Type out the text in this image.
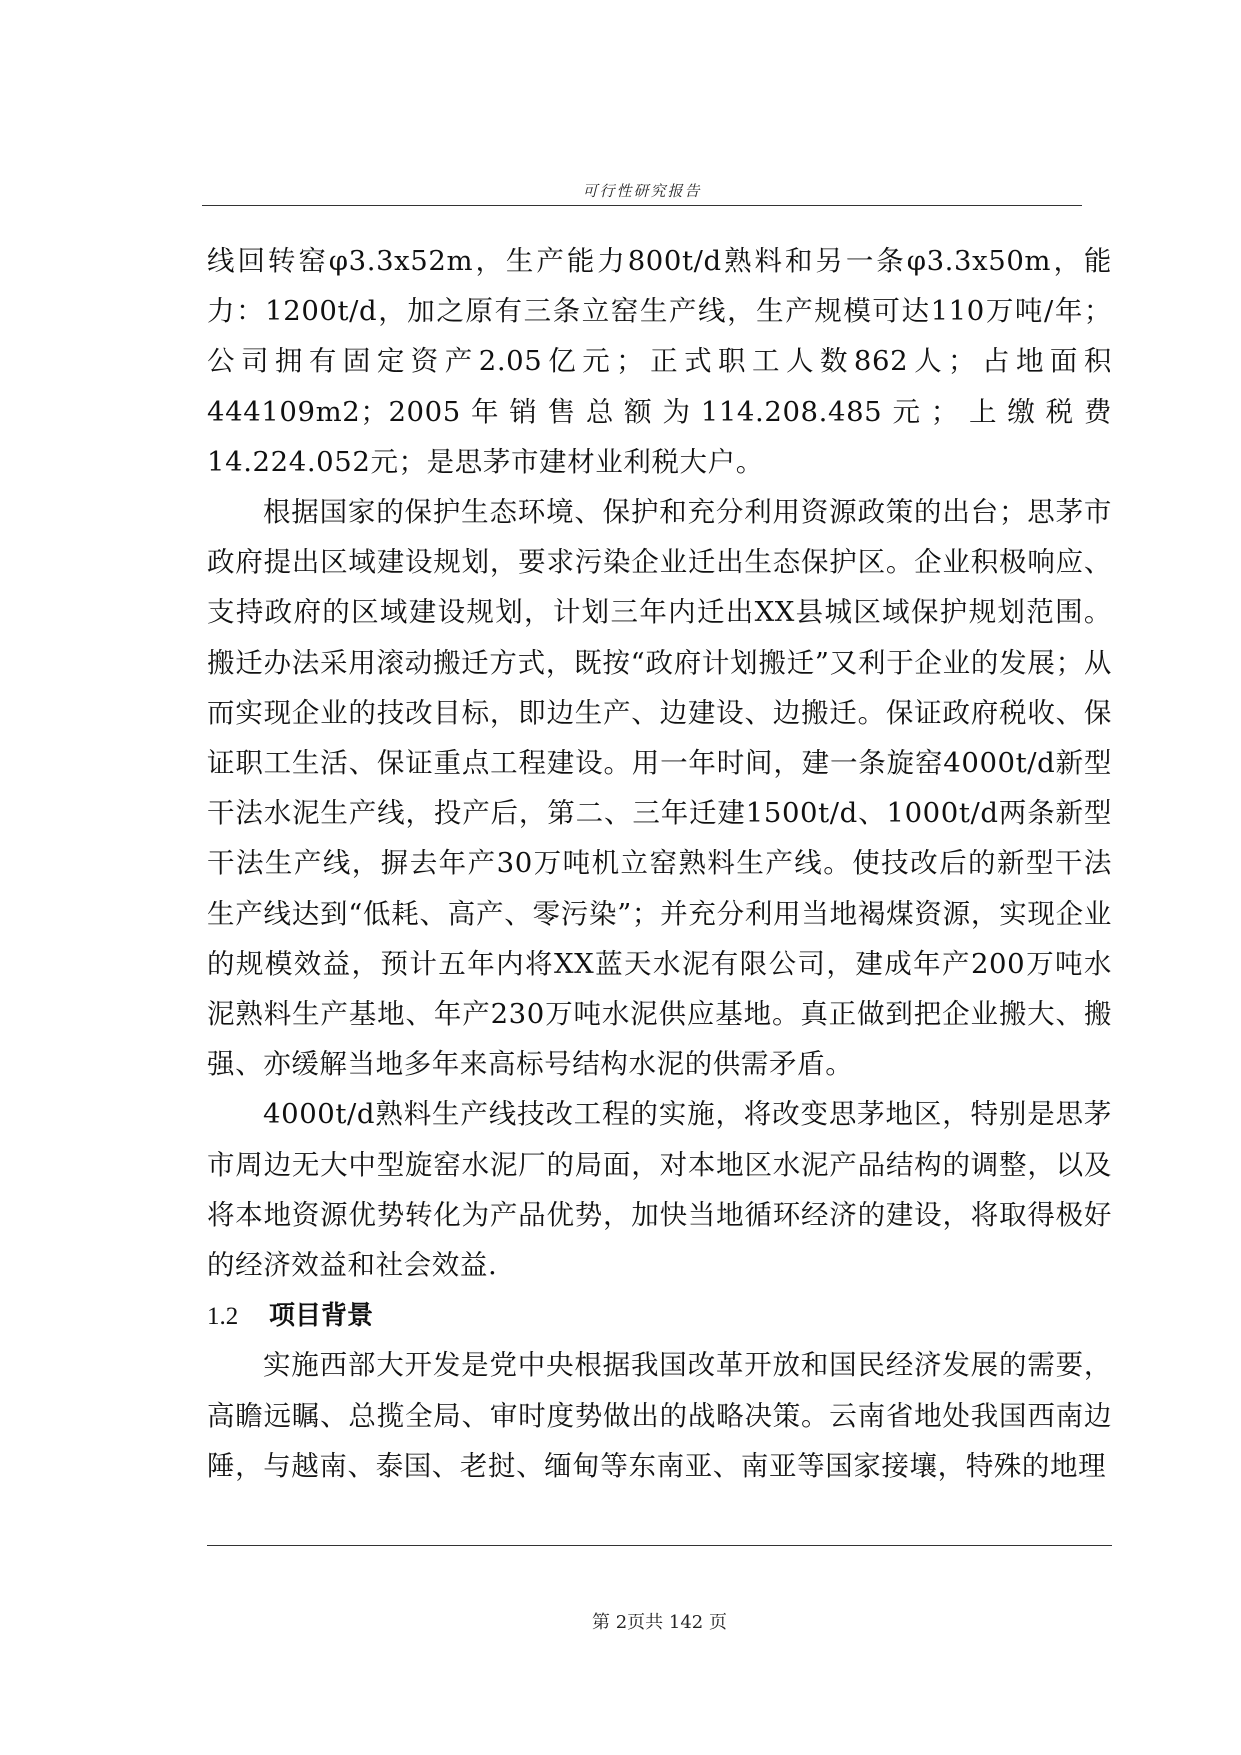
可行性研究报告

线回转窑φ3.3x52m，生产能力800t/d熟料和另一条φ3.3x50m，能力：1200t/d，加之原有三条立窑生产线，生产规模可达110万吨/年；公司拥有固定资产2.05亿元；正式职工人数862人；占地面积444109m2；2005年销售总额为114.208.485元；上缴税费14.224.052元；是思茅市建材业利税大户。

根据国家的保护生态环境、保护和充分利用资源政策的出台；思茅市政府提出区域建设规划，要求污染企业迁出生态保护区。企业积极响应、支持政府的区域建设规划，计划三年内迁出XX县城区域保护规划范围。搬迁办法采用滚动搬迁方式，既按“政府计划搬迁”又利于企业的发展；从而实现企业的技改目标，即边生产、边建设、边搬迁。保证政府税收、保证职工生活、保证重点工程建设。用一年时间，建一条旋窑4000t/d新型干法水泥生产线，投产后，第二、三年迁建1500t/d、1000t/d两条新型干法生产线，摒去年产30万吨机立窑熟料生产线。使技改后的新型干法生产线达到“低耗、高产、零污染”；并充分利用当地褐煤资源，实现企业的规模效益，预计五年内将XX蓝天水泥有限公司，建成年产200万吨水泥熟料生产基地、年产230万吨水泥供应基地。真正做到把企业搬大、搬强、亦缓解当地多年来高标号结构水泥的供需矛盾。

4000t/d熟料生产线技改工程的实施，将改变思茅地区，特别是思茅市周边无大中型旋窑水泥厂的局面，对本地区水泥产品结构的调整，以及将本地资源优势转化为产品优势，加快当地循环经济的建设，将取得极好的经济效益和社会效益.

1.2 项目背景

实施西部大开发是党中央根据我国改革开放和国民经济发展的需要，高瞻远瞩、总揽全局、审时度势做出的战略决策。云南省地处我国西南边陲，与越南、泰国、老挝、缅甸等东南亚、南亚等国家接壤，特殊的地理

第 2页共 142 页
